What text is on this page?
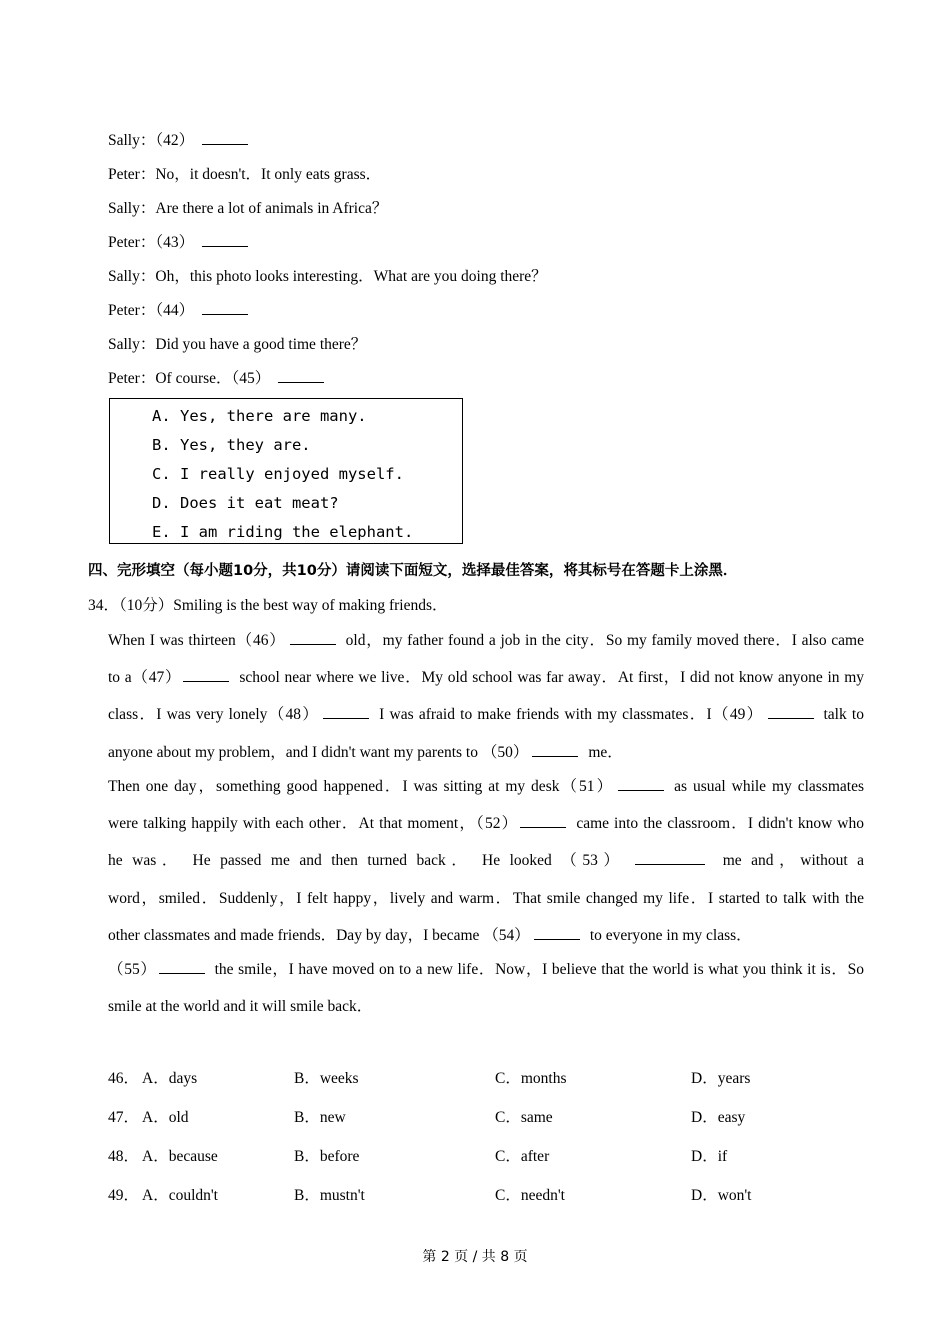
Sally：（42）
Peter：No，it doesn't．It only eats grass．
Sally：Are there a lot of animals in Africa？
Peter：（43）
Sally：Oh，this photo looks interesting．What are you doing there？
Peter：（44）
Sally：Did you have a good time there？
Peter：Of course．（45）
A. Yes, there are many.
B. Yes, they are.
C. I really enjoyed myself.
D. Does it eat meat?
E. I am riding the elephant.
四、完形填空（每小题10分，共10分）请阅读下面短文，选择最佳答案，将其标号在答题卡上涂黑．
34．（10分）Smiling is the best way of making friends．
When I was thirteen（46）	old，my father found a job in the city．So my family moved there．I also came
to a（47）	school near where we live．My old school was far away．At first，I did not know anyone in my
class．I was very lonely（48）	I was afraid to make friends with my classmates．I（49）	talk to
anyone about my problem，and I didn't want my parents to （50）	me．
Then one day，something good happened．I was sitting at my desk（51）	as usual while my classmates
were talking happily with each other．At that moment，（52）	came into the classroom．I didn't know who
he was． He passed me and then turned back． He looked （53）	me and，without a
word，smiled．Suddenly，I felt happy，lively and warm．That smile changed my life．I started to talk with the
other classmates and made friends．Day by day，I became （54）	to everyone in my class．
（55）	the smile，I have moved on to a new life．Now，I believe that the world is what you think it is．So
smile at the world and it will smile back．
46． A．days	B．weeks	C．months	D．years
47． A．old	B．new	C．same	D．easy
48． A．because	B．before	C．after	D．if
49． A．couldn't	B．mustn't	C．needn't	D．won't
第 2 页 / 共 8 页
